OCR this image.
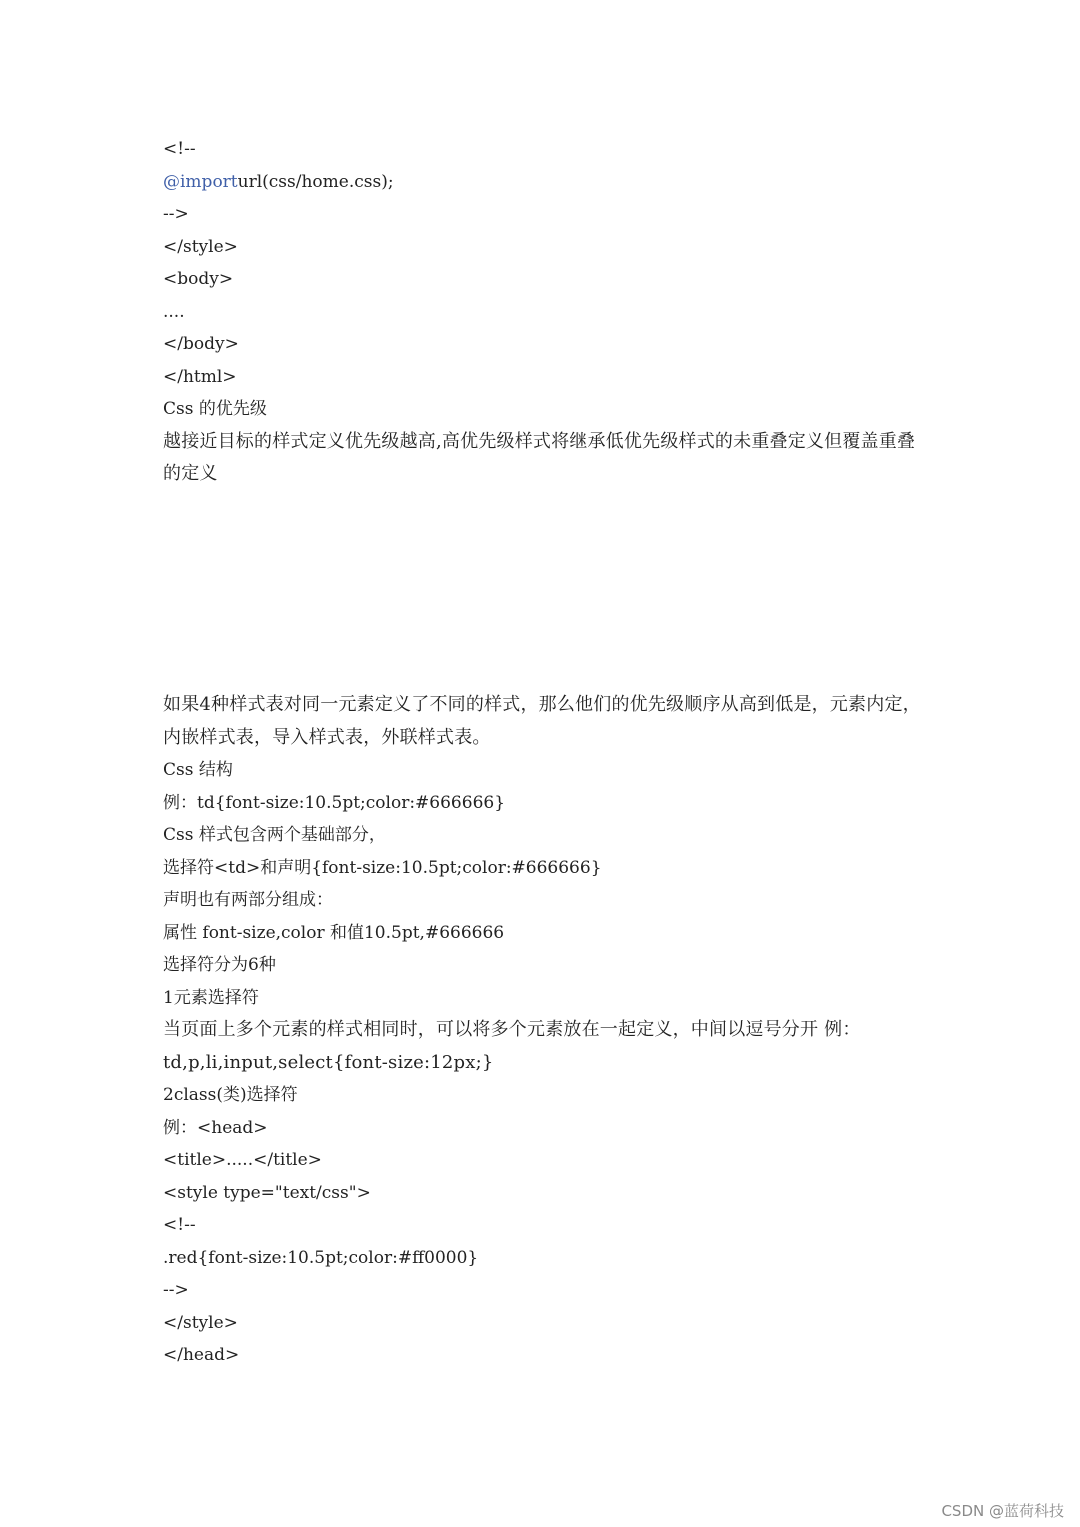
<!--
@importurl(css/home.css);
-->
</style>
<body>
....
</body>
</html>
Css 的优先级
越接近目标的样式定义优先级越高,高优先级样式将继承低优先级样式的未重叠定义但覆盖重叠的定义
如果4种样式表对同一元素定义了不同的样式，那么他们的优先级顺序从高到低是，元素内定，内嵌样式表，导入样式表，外联样式表。
Css 结构
例：td{font-size:10.5pt;color:#666666}
Css 样式包含两个基础部分，
选择符<td>和声明{font-size:10.5pt;color:#666666}
声明也有两部分组成：
属性 font-size,color 和值10.5pt,#666666
选择符分为6种
1元素选择符
当页面上多个元素的样式相同时，可以将多个元素放在一起定义，中间以逗号分开 例：td,p,li,input,select{font-size:12px;}
2class(类)选择符
例：<head>
<title>.....</title>
<style type="text/css">
<!--
.red{font-size:10.5pt;color:#ff0000}
-->
</style>
</head>
CSDN @蓝荷科技
